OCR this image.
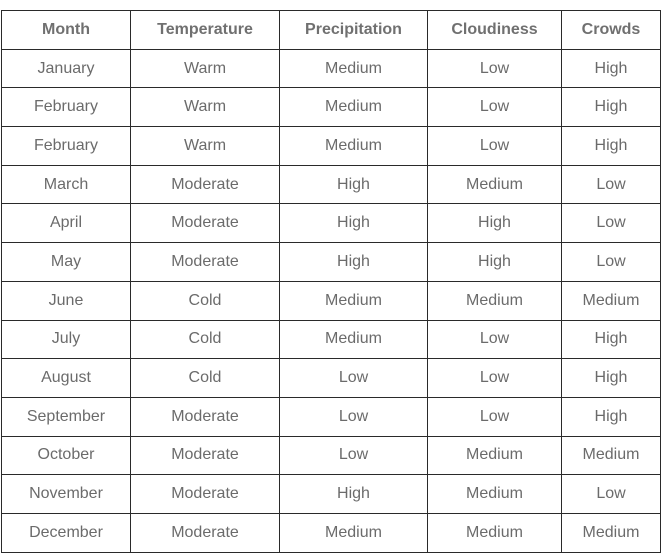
Month	Temperature	Precipitation	Cloudiness	Crowds
January	Warm	Medium	Low	High
February	Warm	Medium	Low	High
February	Warm	Medium	Low	High
March	Moderate	High	Medium	Low
April	Moderate	High	High	Low
May	Moderate	High	High	Low
June	Cold	Medium	Medium	Medium
July	Cold	Medium	Low	High
August	Cold	Low	Low	High
September	Moderate	Low	Low	High
October	Moderate	Low	Medium	Medium
November	Moderate	High	Medium	Low
December	Moderate	Medium	Medium	Medium
